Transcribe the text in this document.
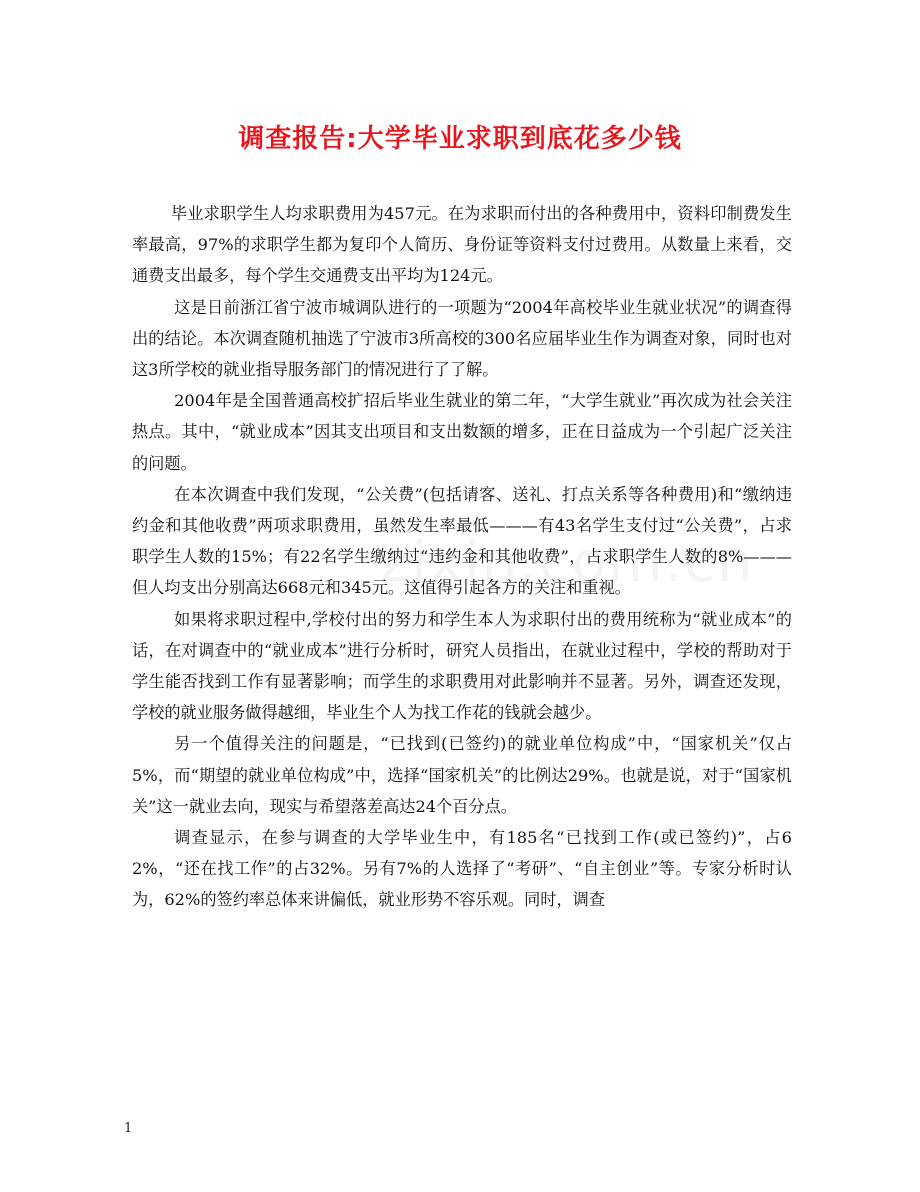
调查报告:大学毕业求职到底花多少钱

毕业求职学生人均求职费用为457元。在为求职而付出的各种费用中，资料印制费发生率最高，97%的求职学生都为复印个人简历、身份证等资料支付过费用。从数量上来看，交通费支出最多，每个学生交通费支出平均为124元。

这是日前浙江省宁波市城调队进行的一项题为“2004年高校毕业生就业状况”的调查得出的结论。本次调查随机抽选了宁波市3所高校的300名应届毕业生作为调查对象，同时也对这3所学校的就业指导服务部门的情况进行了了解。

2004年是全国普通高校扩招后毕业生就业的第二年，“大学生就业”再次成为社会关注热点。其中，“就业成本”因其支出项目和支出数额的增多，正在日益成为一个引起广泛关注的问题。

在本次调查中我们发现，“公关费”(包括请客、送礼、打点关系等各种费用)和“缴纳违约金和其他收费”两项求职费用，虽然发生率最低———有43名学生支付过“公关费”，占求职学生人数的15%；有22名学生缴纳过“违约金和其他收费”，占求职学生人数的8%———但人均支出分别高达668元和345元。这值得引起各方的关注和重视。

如果将求职过程中,学校付出的努力和学生本人为求职付出的费用统称为“就业成本”的话，在对调查中的“就业成本”进行分析时，研究人员指出，在就业过程中，学校的帮助对于学生能否找到工作有显著影响；而学生的求职费用对此影响并不显著。另外，调查还发现，学校的就业服务做得越细，毕业生个人为找工作花的钱就会越少。

另一个值得关注的问题是，“已找到(已签约)的就业单位构成”中，“国家机关”仅占5%，而“期望的就业单位构成”中，选择“国家机关”的比例达29%。也就是说，对于“国家机关”这一就业去向，现实与希望落差高达24个百分点。

调查显示，在参与调查的大学毕业生中，有185名“已找到工作(或已签约)”，占62%，“还在找工作”的占32%。另有7%的人选择了“考研”、“自主创业”等。专家分析时认为，62%的签约率总体来讲偏低，就业形势不容乐观。同时，调查

1
